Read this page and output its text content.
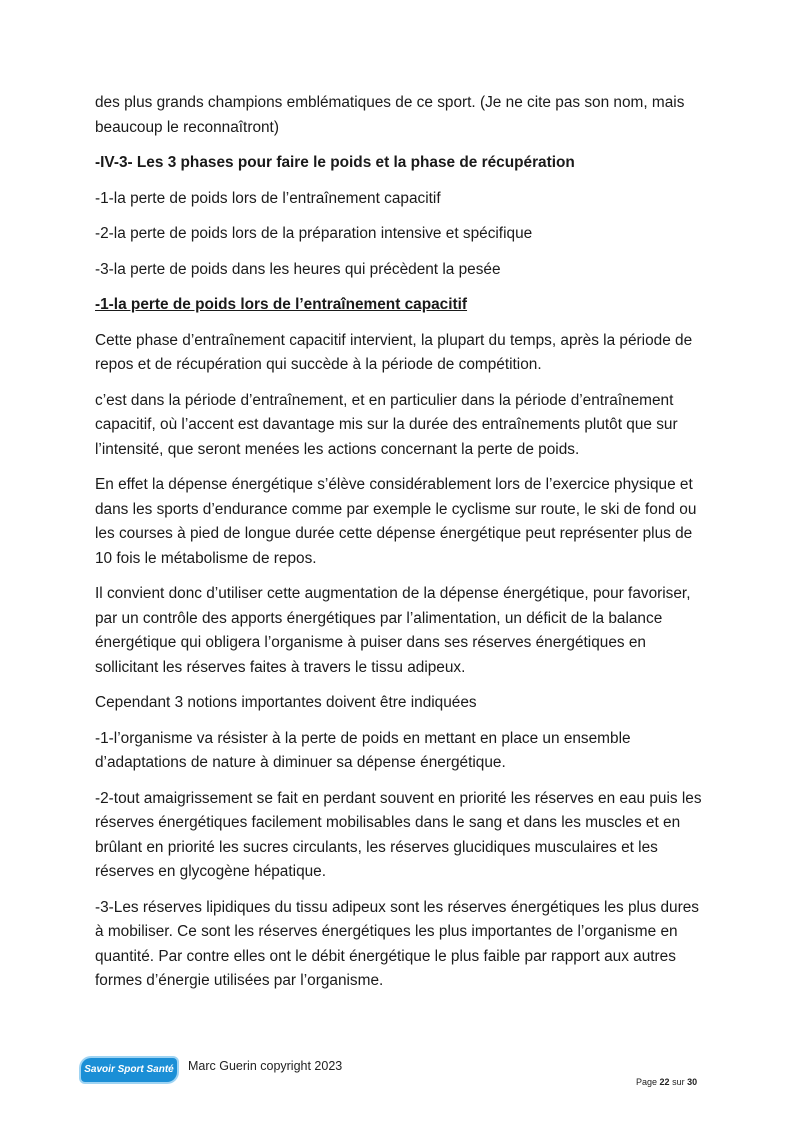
des plus grands champions emblématiques de ce sport. (Je ne cite pas son nom, mais beaucoup le reconnaîtront)

-IV-3- Les 3 phases pour faire le poids et la phase de récupération

-1-la perte de poids lors de l’entraînement capacitif

-2-la perte de poids lors de la préparation intensive et spécifique

-3-la perte de poids dans les heures qui précèdent la pesée

-1-la perte de poids lors de l’entraînement capacitif

Cette phase d’entraînement capacitif intervient, la plupart du temps, après la période de repos et de récupération qui succède à la période de compétition.

c’est dans la période d’entraînement, et en particulier dans la période d’entraînement capacitif, où l’accent est davantage mis sur la durée des entraînements plutôt que sur l’intensité, que seront menées les actions concernant la perte de poids.

En effet la dépense énergétique s’élève considérablement lors de l’exercice physique et dans les sports d’endurance comme par exemple le cyclisme sur route, le ski de fond ou les courses à pied de longue durée cette dépense énergétique peut représenter plus de 10 fois le métabolisme de repos.

Il convient donc d’utiliser cette augmentation de la dépense énergétique, pour favoriser, par un contrôle des apports énergétiques par l’alimentation, un déficit de la balance énergétique qui obligera l’organisme à puiser dans ses réserves énergétiques en sollicitant les réserves faites à travers le tissu adipeux.

Cependant 3 notions importantes doivent être indiquées

-1-l’organisme va résister à la perte de poids en mettant en place un ensemble d’adaptations de nature à diminuer sa dépense énergétique.

-2-tout amaigrissement se fait en perdant souvent en priorité les réserves en eau puis les réserves énergétiques facilement mobilisables dans le sang et dans les muscles et en brûlant en priorité les sucres circulants, les réserves glucidiques musculaires et les réserves en glycogène hépatique.

-3-Les réserves lipidiques du tissu adipeux sont les réserves énergétiques les plus dures à mobiliser. Ce sont les réserves énergétiques les plus importantes de l’organisme en quantité. Par contre elles ont le débit énergétique le plus faible par rapport aux autres formes d’énergie utilisées par l’organisme.

Savoir Sport Santé Marc Guerin copyright 2023
Page 22 sur 30
